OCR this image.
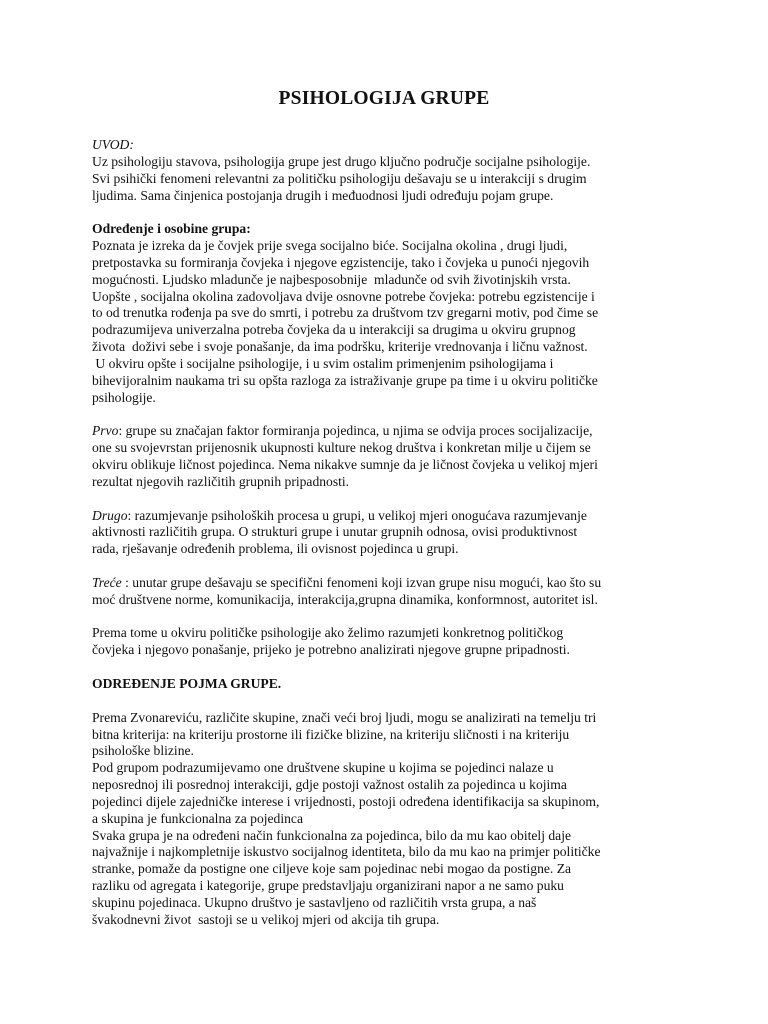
PSIHOLOGIJA GRUPE
UVOD:
Uz psihologiju stavova, psihologija grupe jest drugo ključno područje socijalne psihologije.
Svi psihički fenomeni relevantni za političku psihologiju dešavaju se u interakciji s drugim
ljudima. Sama činjenica postojanja drugih i međuodnosi ljudi određuju pojam grupe.
Određenje i osobine grupa:
Poznata je izreka da je čovjek prije svega socijalno biće. Socijalna okolina , drugi ljudi,
pretpostavka su formiranja čovjeka i njegove egzistencije, tako i čovjeka u punoći njegovih
mogućnosti. Ljudsko mladunče je najbesposobnije  mladunče od svih životinjskih vrsta.
Uopšte , socijalna okolina zadovoljava dvije osnovne potrebe čovjeka: potrebu egzistencije i
to od trenutka rođenja pa sve do smrti, i potrebu za društvom tzv gregarni motiv, pod čime se
podrazumijeva univerzalna potreba čovjeka da u interakciji sa drugima u okviru grupnog
života  doživi sebe i svoje ponašanje, da ima podršku, kriterije vrednovanja i ličnu važnost.
U okviru opšte i socijalne psihologije, i u svim ostalim primenjenim psihologijama i
bihevijoralnim naukama tri su opšta razloga za istraživanje grupe pa time i u okviru političke
psihologije.
Prvo: grupe su značajan faktor formiranja pojedinca, u njima se odvija proces socijalizacije,
one su svojevrstan prijenosnik ukupnosti kulture nekog društva i konkretan milje u čijem se
okviru oblikuje ličnost pojedinca. Nema nikakve sumnje da je ličnost čovjeka u velikoj mjeri
rezultat njegovih različitih grupnih pripadnosti.
Drugo: razumjevanje psiholoških procesa u grupi, u velikoj mjeri onogućava razumjevanje
aktivnosti različitih grupa. O strukturi grupe i unutar grupnih odnosa, ovisi produktivnost
rada, rješavanje određenih problema, ili ovisnost pojedinca u grupi.
Treće : unutar grupe dešavaju se specifični fenomeni koji izvan grupe nisu mogući, kao što su
moć društvene norme, komunikacija, interakcija,grupna dinamika, konformnost, autoritet isl.
Prema tome u okviru političke psihologije ako želimo razumjeti konkretnog političkog
čovjeka i njegovo ponašanje, prijeko je potrebno analizirati njegove grupne pripadnosti.
ODREĐENJE POJMA GRUPE.
Prema Zvonareviću, različite skupine, znači veći broj ljudi, mogu se analizirati na temelju tri
bitna kriterija: na kriteriju prostorne ili fizičke blizine, na kriteriju sličnosti i na kriteriju
psihološke blizine.
Pod grupom podrazumijevamo one društvene skupine u kojima se pojedinci nalaze u
neposrednoj ili posrednoj interakciji, gdje postoji važnost ostalih za pojedinca u kojima
pojedinci dijele zajedničke interese i vrijednosti, postoji određena identifikacija sa skupinom,
a skupina je funkcionalna za pojedinca
Svaka grupa je na određeni način funkcionalna za pojedinca, bilo da mu kao obitelj daje
najvažnije i najkompletnije iskustvo socijalnog identiteta, bilo da mu kao na primjer političke
stranke, pomaže da postigne one ciljeve koje sam pojedinac nebi mogao da postigne. Za
razliku od agregata i kategorije, grupe predstavljaju organizirani napor a ne samo puku
skupinu pojedinaca. Ukupno društvo je sastavljeno od različitih vrsta grupa, a naš
švakodnevni život  sastoji se u velikoj mjeri od akcija tih grupa.
